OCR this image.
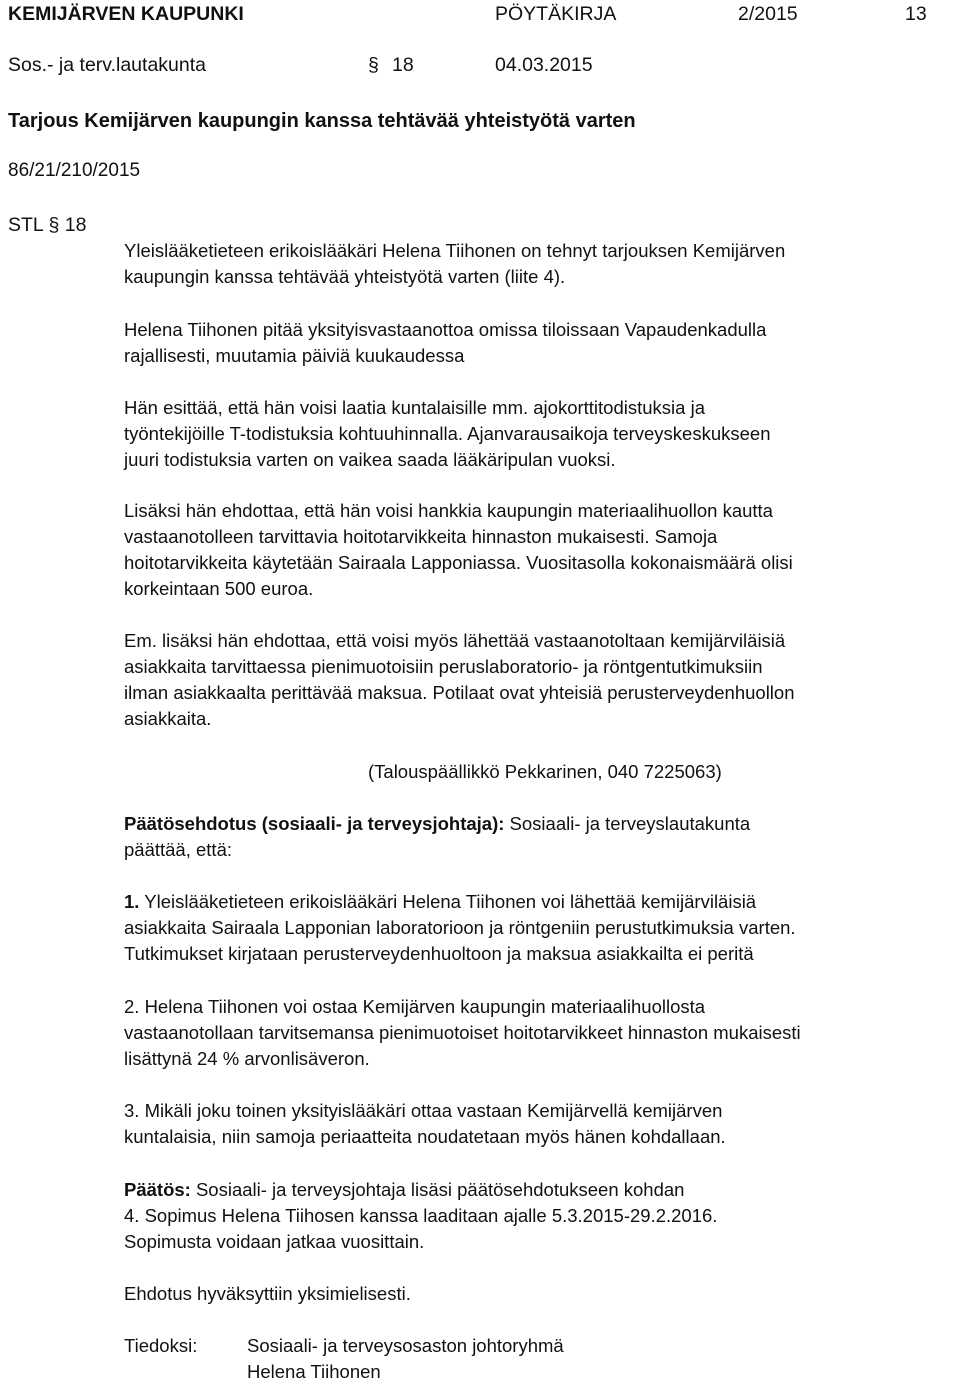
KEMIJÄRVEN KAUPUNKI	PÖYTÄKIRJA	2/2015	13
Sos.- ja terv.lautakunta	§ 18	04.03.2015
Tarjous Kemijärven kaupungin kanssa tehtävää yhteistyötä varten
86/21/210/2015
STL § 18
Yleislääketieteen erikoislääkäri Helena Tiihonen on tehnyt tarjouksen Kemijärven
kaupungin kanssa tehtävää yhteistyötä varten (liite 4).
Helena Tiihonen pitää yksityisvastaanottoa omissa tiloissaan Vapaudenkadulla
rajallisesti, muutamia päiviä kuukaudessa
Hän esittää, että hän voisi laatia kuntalaisille mm. ajokorttitodistuksia ja
työntekijöille T-todistuksia kohtuuhinnalla. Ajanvarausaikoja terveyskeskukseen
juuri todistuksia varten on vaikea saada lääkäripulan vuoksi.
Lisäksi hän ehdottaa, että hän voisi hankkia kaupungin materiaalihuollon kautta
vastaanotolleen tarvittavia hoitotarvikkeita hinnaston mukaisesti. Samoja
hoitotarvikkeita käytetään Sairaala Lapponiassa. Vuositasolla kokonaismäärä olisi
korkeintaan 500 euroa.
Em. lisäksi hän ehdottaa, että voisi myös lähettää vastaanotoltaan kemijärviläisiä
asiakkaita tarvittaessa pienimuotoisiin peruslaboratorio- ja röntgentutkimuksiin
ilman asiakkaalta perittävää maksua. Potilaat ovat yhteisiä perusterveydenhuollon
asiakkaita.
(Talouspäällikkö Pekkarinen, 040 7225063)
Päätösehdotus (sosiaali- ja terveysjohtaja): Sosiaali- ja terveyslautakunta
päättää, että:
1. Yleislääketieteen erikoislääkäri Helena Tiihonen voi lähettää kemijärviläisiä
asiakkaita Sairaala Lapponian laboratorioon ja röntgeniin perustutkimuksia varten.
Tutkimukset kirjataan perusterveydenhuoltoon ja maksua asiakkailta ei peritä
2. Helena Tiihonen voi ostaa Kemijärven kaupungin materiaalihuollosta
vastaanotollaan tarvitsemansa pienimuotoiset hoitotarvikkeet hinnaston mukaisesti
lisättynä 24 % arvonlisäveron.
3. Mikäli joku toinen yksityislääkäri ottaa vastaan Kemijärvellä kemijärven
kuntalaisia, niin samoja periaatteita noudatetaan myös hänen kohdallaan.
Päätös: Sosiaali- ja terveysjohtaja lisäsi päätösehdotukseen kohdan
4. Sopimus Helena Tiihosen kanssa laaditaan ajalle 5.3.2015-29.2.2016.
Sopimusta voidaan jatkaa vuosittain.
Ehdotus hyväksyttiin yksimielisesti.
Tiedoksi:	Sosiaali- ja terveysosaston johtoryhmä
Helena Tiihonen
